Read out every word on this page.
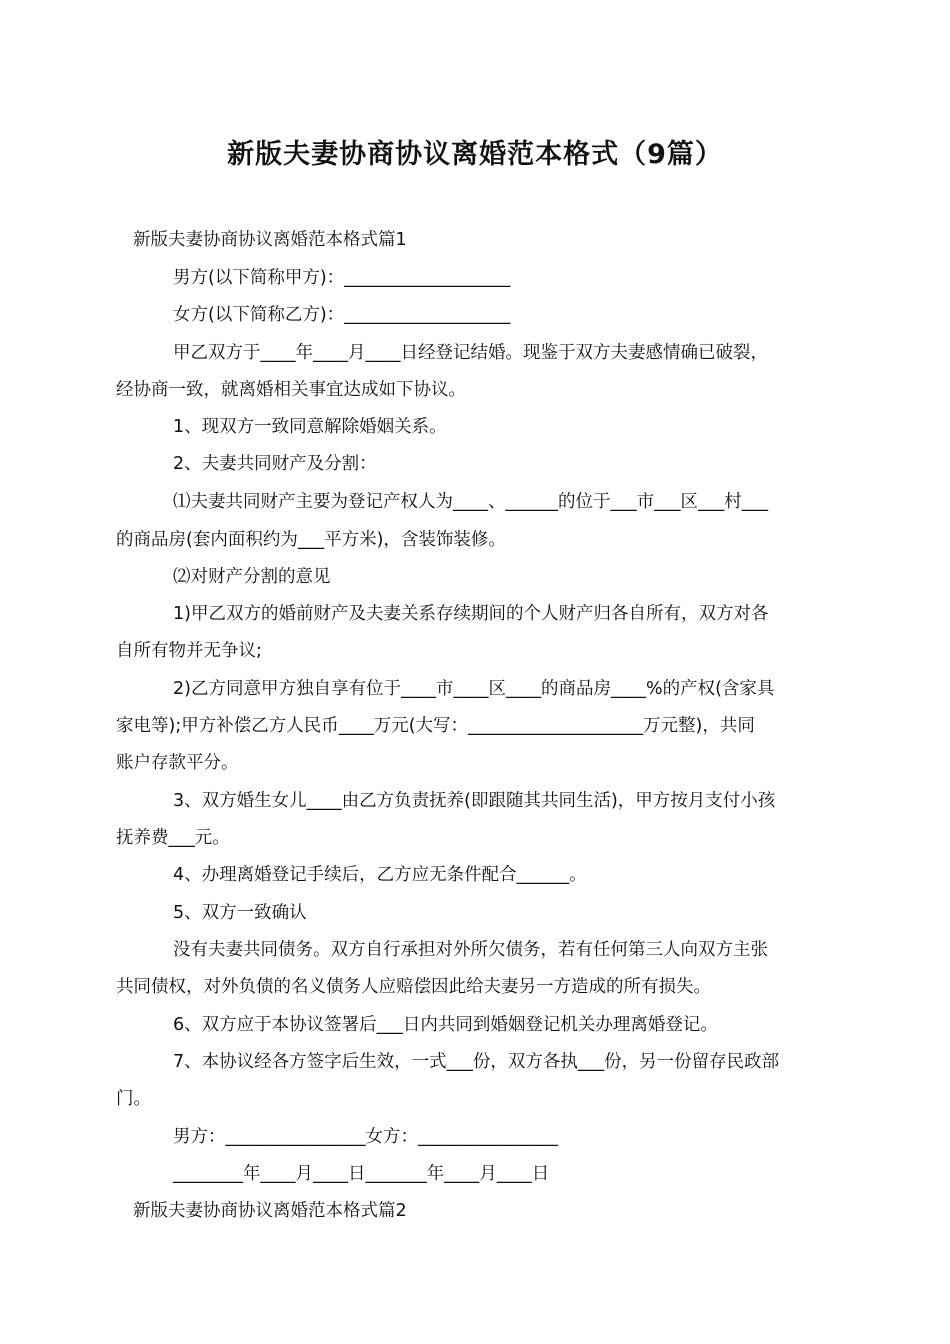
新版夫妻协商协议离婚范本格式（9篇）
新版夫妻协商协议离婚范本格式篇1
男方(以下简称甲方)：___________________
女方(以下简称乙方)：___________________
甲乙双方于____年____月____日经登记结婚。现鉴于双方夫妻感情确已破裂，
经协商一致，就离婚相关事宜达成如下协议。
1、现双方一致同意解除婚姻关系。
2、夫妻共同财产及分割：
⑴夫妻共同财产主要为登记产权人为____、______的位于___市___区___村___
的商品房(套内面积约为___平方米)，含装饰装修。
⑵对财产分割的意见
1)甲乙双方的婚前财产及夫妻关系存续期间的个人财产归各自所有，双方对各
自所有物并无争议;
2)乙方同意甲方独自享有位于____市____区____的商品房____%的产权(含家具
家电等);甲方补偿乙方人民币____万元(大写：____________________万元整)，共同
账户存款平分。
3、双方婚生女儿____由乙方负责抚养(即跟随其共同生活)，甲方按月支付小孩
抚养费___元。
4、办理离婚登记手续后，乙方应无条件配合______。
5、双方一致确认
没有夫妻共同债务。双方自行承担对外所欠债务，若有任何第三人向双方主张
共同债权，对外负债的名义债务人应赔偿因此给夫妻另一方造成的所有损失。
6、双方应于本协议签署后___日内共同到婚姻登记机关办理离婚登记。
7、本协议经各方签字后生效，一式___份，双方各执___份，另一份留存民政部
门。
男方：________________女方：________________
________年____月____日_______年____月____日
新版夫妻协商协议离婚范本格式篇2
